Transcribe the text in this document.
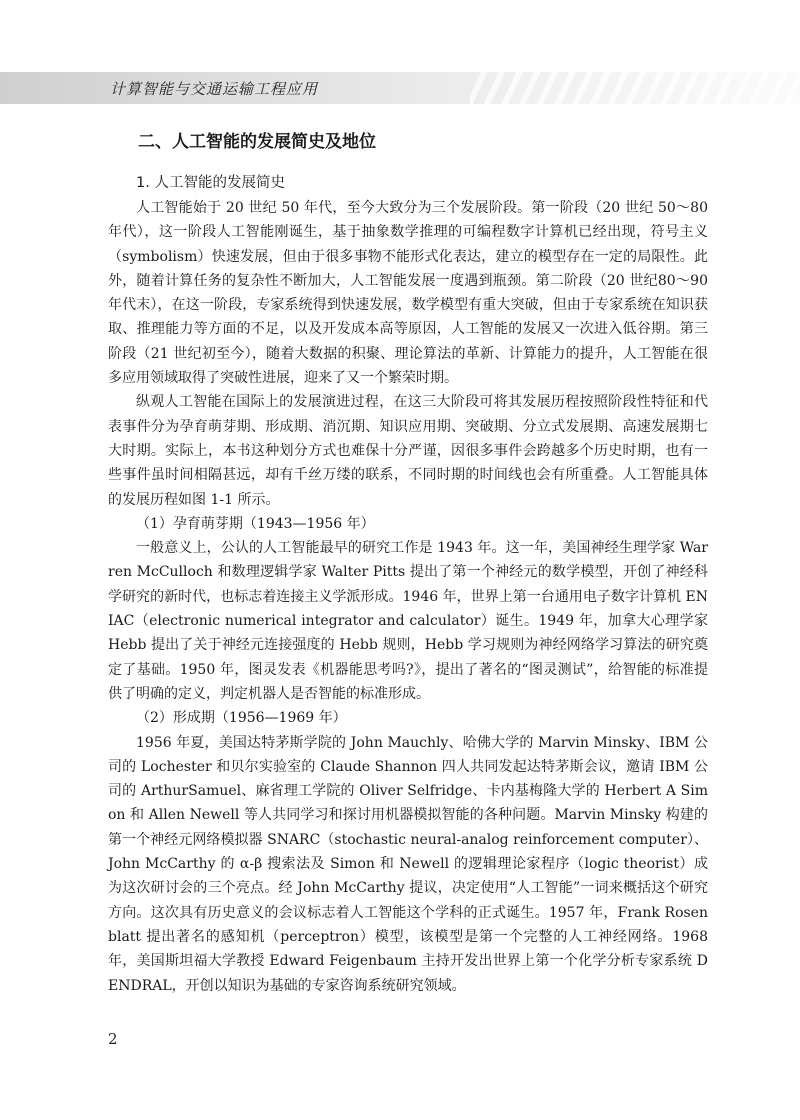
计算智能与交通运输工程应用
二、人工智能的发展简史及地位
1. 人工智能的发展简史

人工智能始于 20 世纪 50 年代，至今大致分为三个发展阶段。第一阶段（20 世纪 50～80 年代），这一阶段人工智能刚诞生，基于抽象数学推理的可编程数字计算机已经出现，符号主义（symbolism）快速发展，但由于很多事物不能形式化表达，建立的模型存在一定的局限性。此外，随着计算任务的复杂性不断加大，人工智能发展一度遇到瓶颈。第二阶段（20 世纪80～90 年代末），在这一阶段，专家系统得到快速发展，数学模型有重大突破，但由于专家系统在知识获取、推理能力等方面的不足，以及开发成本高等原因，人工智能的发展又一次进入低谷期。第三阶段（21 世纪初至今），随着大数据的积聚、理论算法的革新、计算能力的提升，人工智能在很多应用领域取得了突破性进展，迎来了又一个繁荣时期。

纵观人工智能在国际上的发展演进过程，在这三大阶段可将其发展历程按照阶段性特征和代表事件分为孕育萌芽期、形成期、消沉期、知识应用期、突破期、分立式发展期、高速发展期七大时期。实际上，本书这种划分方式也难保十分严谨，因很多事件会跨越多个历史时期，也有一些事件虽时间相隔甚远，却有千丝万缕的联系，不同时期的时间线也会有所重叠。人工智能具体的发展历程如图 1-1 所示。

（1）孕育萌芽期（1943—1956 年）

一般意义上，公认的人工智能最早的研究工作是 1943 年。这一年，美国神经生理学家 Warren McCulloch 和数理逻辑学家 Walter Pitts 提出了第一个神经元的数学模型，开创了神经科学研究的新时代，也标志着连接主义学派形成。1946 年，世界上第一台通用电子数字计算机 ENIAC（electronic numerical integrator and calculator）诞生。1949 年，加拿大心理学家 Hebb 提出了关于神经元连接强度的 Hebb 规则，Hebb 学习规则为神经网络学习算法的研究奠定了基础。1950 年，图灵发表《机器能思考吗?》，提出了著名的“图灵测试”，给智能的标准提供了明确的定义，判定机器人是否智能的标准形成。

（2）形成期（1956—1969 年）

1956 年夏，美国达特茅斯学院的 John Mauchly、哈佛大学的 Marvin Minsky、IBM 公司的 Lochester 和贝尔实验室的 Claude Shannon 四人共同发起达特茅斯会议，邀请 IBM 公司的 ArthurSamuel、麻省理工学院的 Oliver Selfridge、卡内基梅隆大学的 Herbert A Simon 和 Allen Newell 等人共同学习和探讨用机器模拟智能的各种问题。Marvin Minsky 构建的第一个神经元网络模拟器 SNARC（stochastic neural-analog reinforcement computer）、John McCarthy 的 α-β 搜索法及 Simon 和 Newell 的逻辑理论家程序（logic theorist）成为这次研讨会的三个亮点。经 John McCarthy 提议，决定使用“人工智能”一词来概括这个研究方向。这次具有历史意义的会议标志着人工智能这个学科的正式诞生。1957 年，Frank Rosenblatt 提出著名的感知机（perceptron）模型，该模型是第一个完整的人工神经网络。1968 年，美国斯坦福大学教授 Edward Feigenbaum 主持开发出世界上第一个化学分析专家系统 DENDRAL，开创以知识为基础的专家咨询系统研究领域。

2
